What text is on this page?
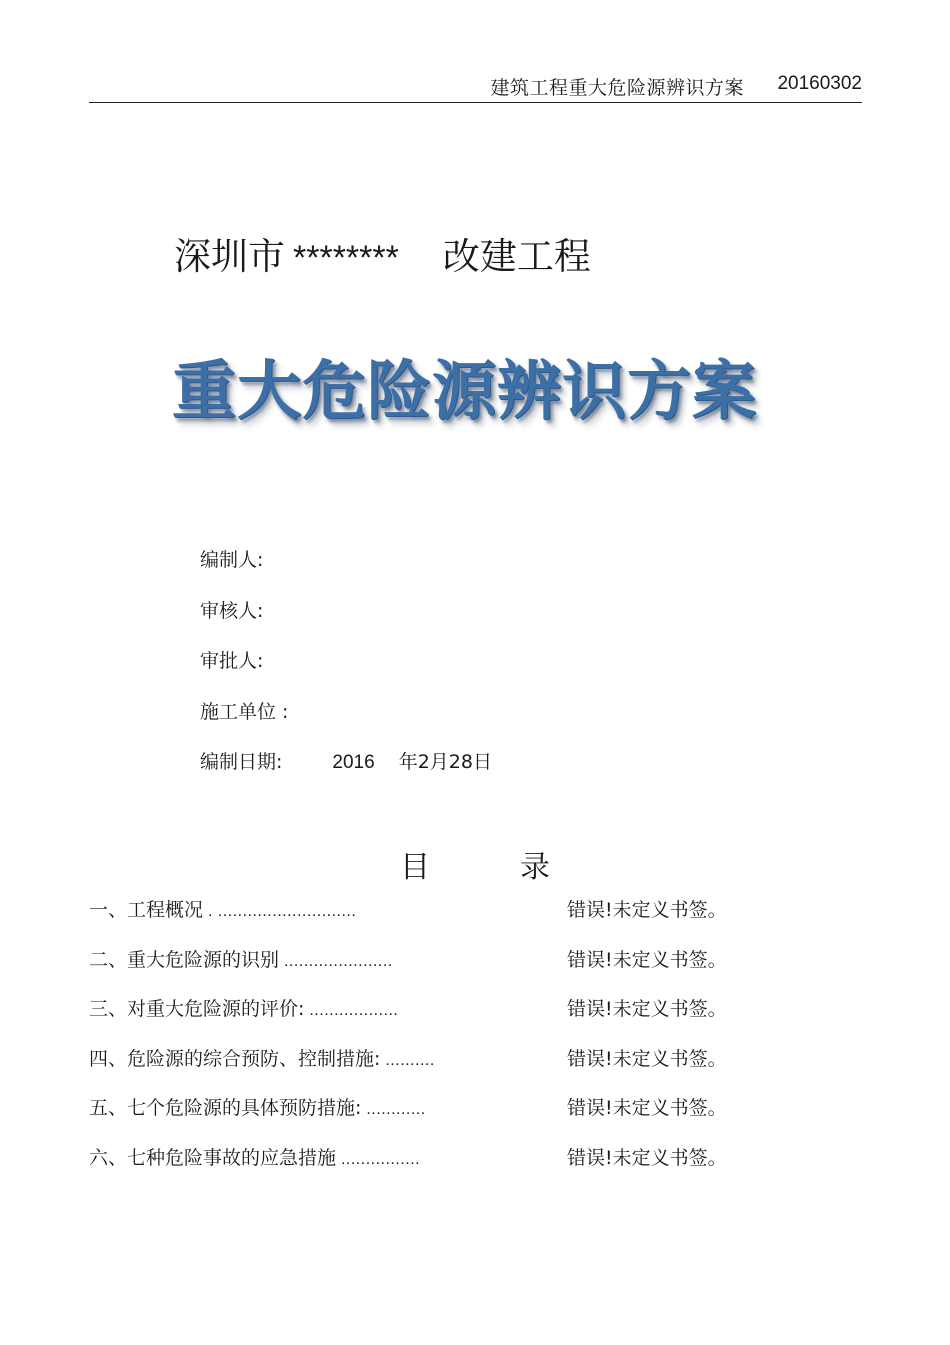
建筑工程重大危险源辨识方案 20160302
深圳市 ******** 改建工程
重大危险源辨识方案
编制人:
审核人:
审批人:
施工单位 :
编制日期:	2016 年2月28日
目	录
一、工程概况 . ............................	错误!未定义书签。
二、重大危险源的识别 ......................	错误!未定义书签。
三、对重大危险源的评价: ..................	错误!未定义书签。
四、危险源的综合预防、控制措施: ..........	错误!未定义书签。
五、七个危险源的具体预防措施: ............	错误!未定义书签。
六、七种危险事故的应急措施 ................	错误!未定义书签。
